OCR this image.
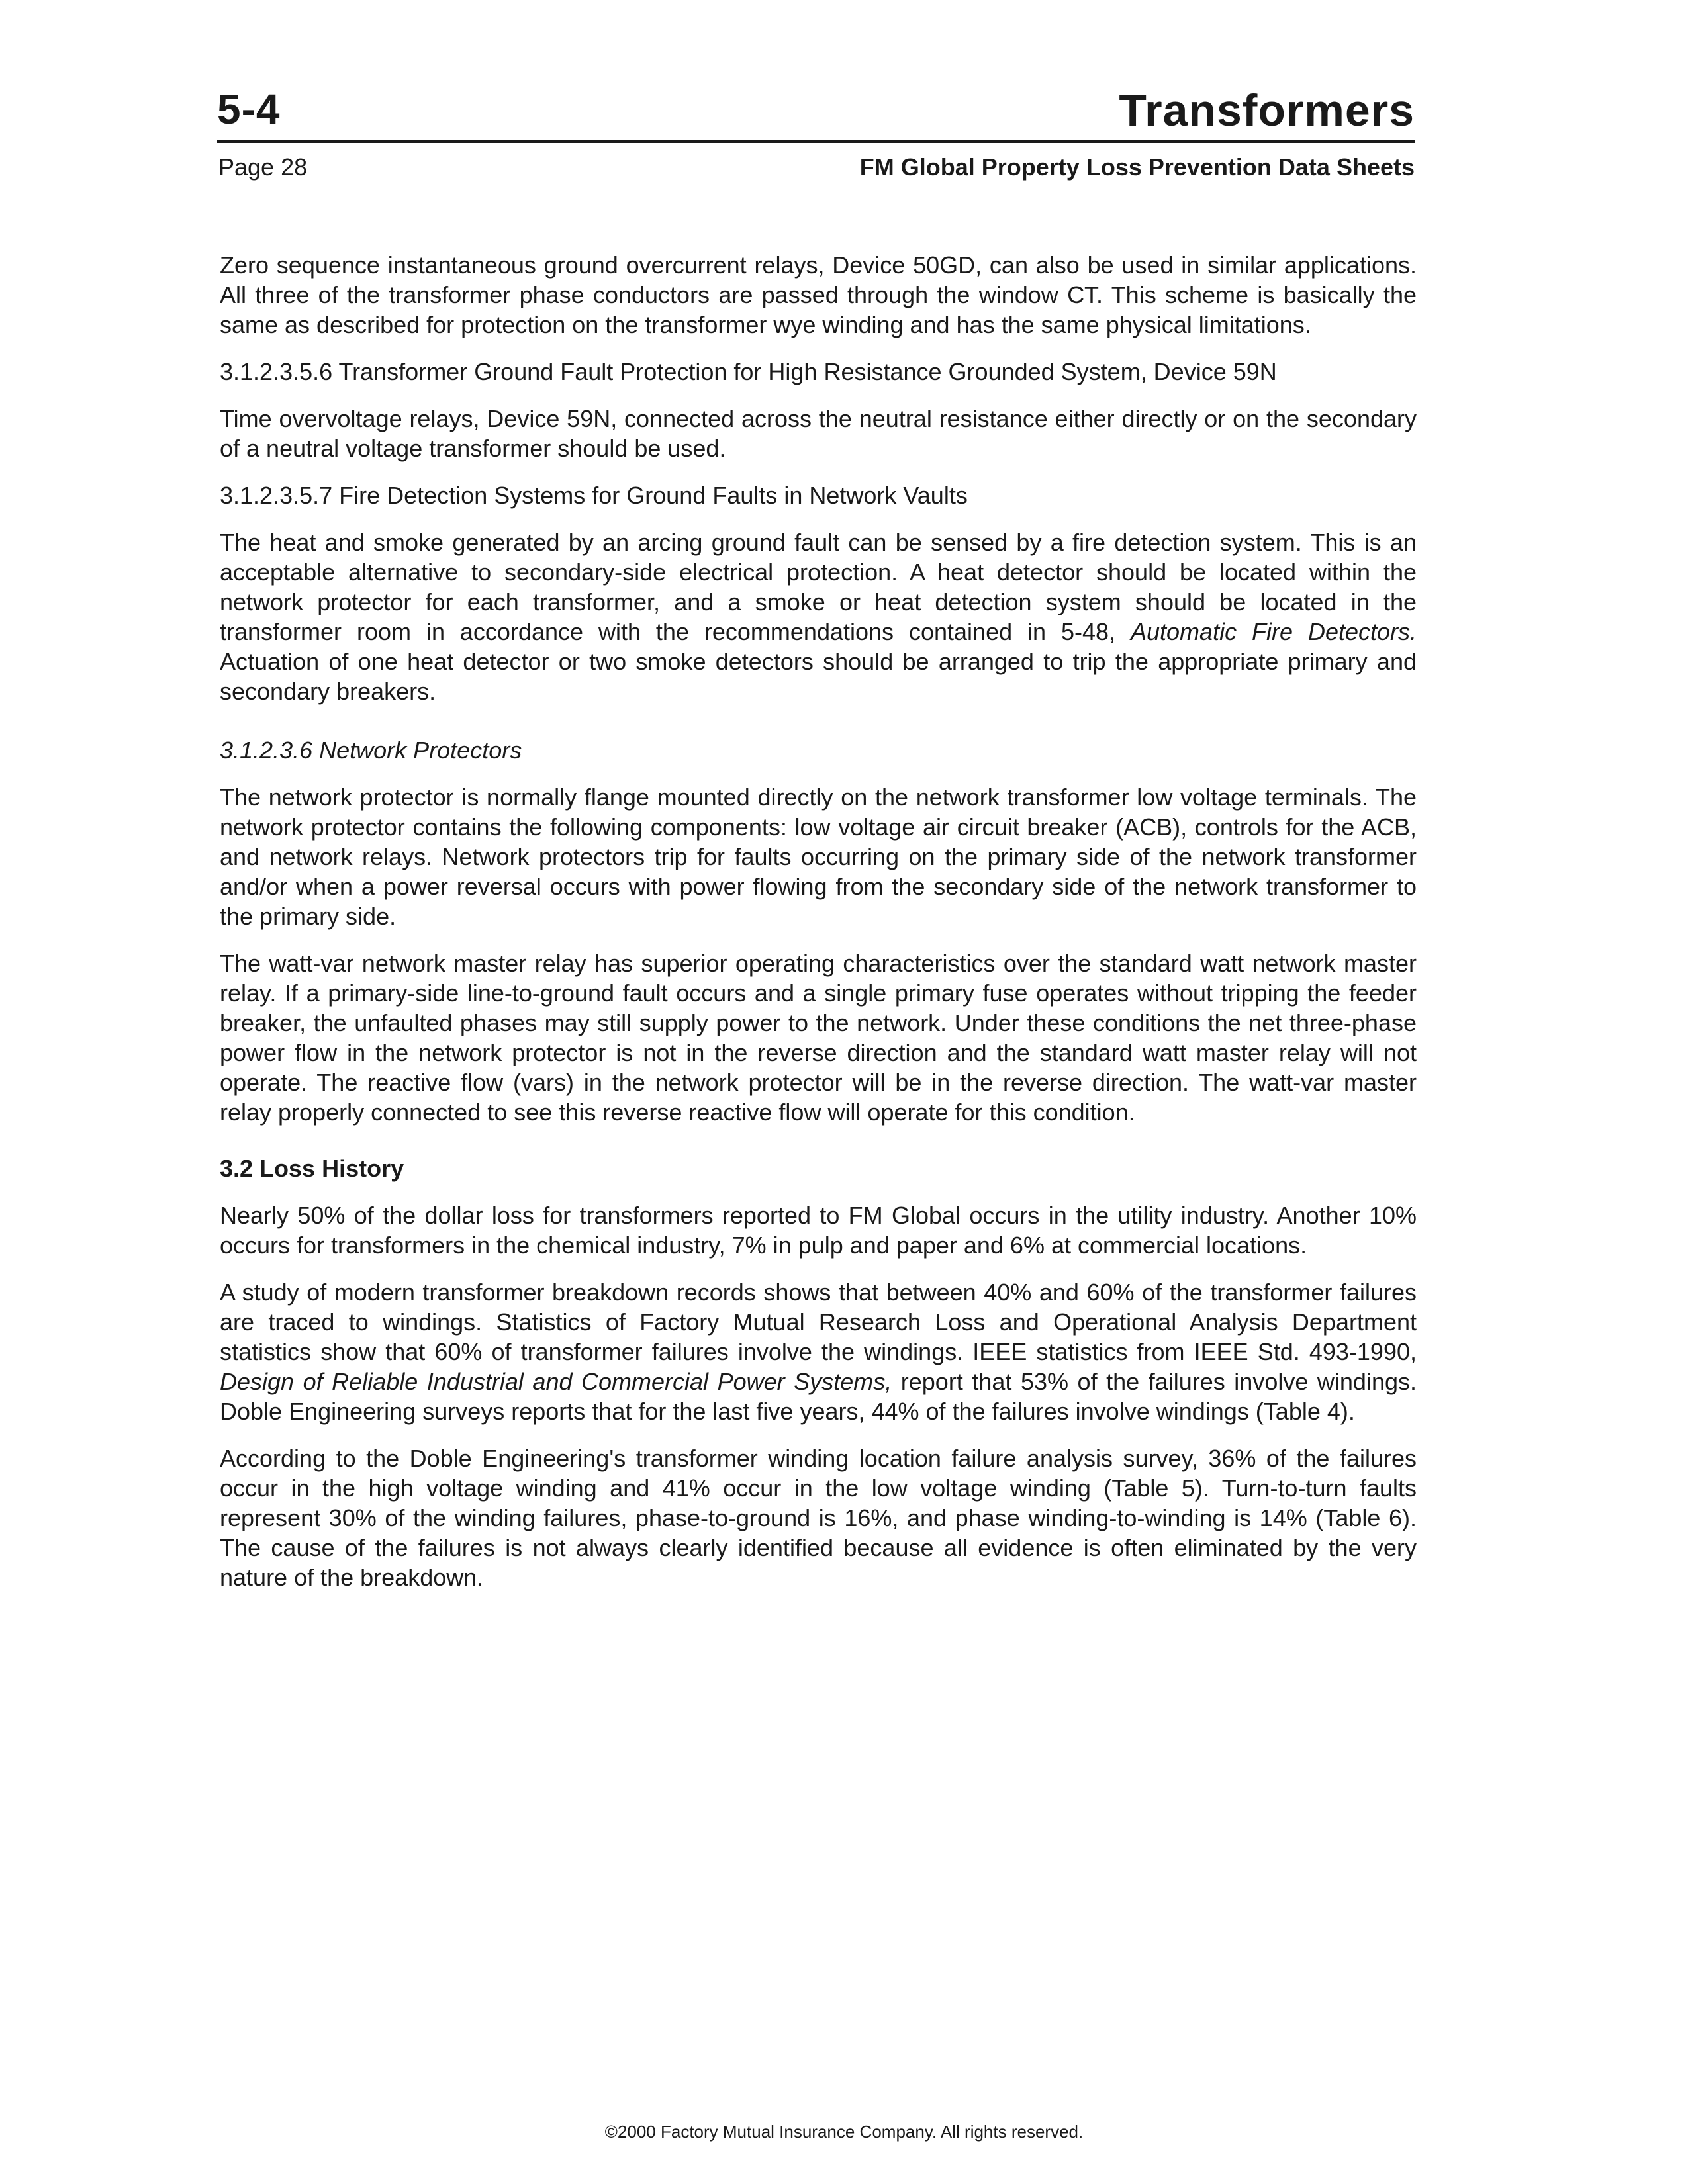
5-4	Transformers
Page 28	FM Global Property Loss Prevention Data Sheets

Zero sequence instantaneous ground overcurrent relays, Device 50GD, can also be used in similar applications. All three of the transformer phase conductors are passed through the window CT. This scheme is basically the same as described for protection on the transformer wye winding and has the same physical limitations.

3.1.2.3.5.6 Transformer Ground Fault Protection for High Resistance Grounded System, Device 59N

Time overvoltage relays, Device 59N, connected across the neutral resistance either directly or on the secondary of a neutral voltage transformer should be used.

3.1.2.3.5.7 Fire Detection Systems for Ground Faults in Network Vaults

The heat and smoke generated by an arcing ground fault can be sensed by a fire detection system. This is an acceptable alternative to secondary-side electrical protection. A heat detector should be located within the network protector for each transformer, and a smoke or heat detection system should be located in the transformer room in accordance with the recommendations contained in 5-48, Automatic Fire Detectors. Actuation of one heat detector or two smoke detectors should be arranged to trip the appropriate primary and secondary breakers.

3.1.2.3.6 Network Protectors

The network protector is normally flange mounted directly on the network transformer low voltage terminals. The network protector contains the following components: low voltage air circuit breaker (ACB), controls for the ACB, and network relays. Network protectors trip for faults occurring on the primary side of the network transformer and/or when a power reversal occurs with power flowing from the secondary side of the network transformer to the primary side.

The watt-var network master relay has superior operating characteristics over the standard watt network master relay. If a primary-side line-to-ground fault occurs and a single primary fuse operates without tripping the feeder breaker, the unfaulted phases may still supply power to the network. Under these conditions the net three-phase power flow in the network protector is not in the reverse direction and the standard watt master relay will not operate. The reactive flow (vars) in the network protector will be in the reverse direction. The watt-var master relay properly connected to see this reverse reactive flow will operate for this condition.

3.2 Loss History

Nearly 50% of the dollar loss for transformers reported to FM Global occurs in the utility industry. Another 10% occurs for transformers in the chemical industry, 7% in pulp and paper and 6% at commercial locations.

A study of modern transformer breakdown records shows that between 40% and 60% of the transformer failures are traced to windings. Statistics of Factory Mutual Research Loss and Operational Analysis Department statistics show that 60% of transformer failures involve the windings. IEEE statistics from IEEE Std. 493-1990, Design of Reliable Industrial and Commercial Power Systems, report that 53% of the failures involve windings. Doble Engineering surveys reports that for the last five years, 44% of the failures involve windings (Table 4).

According to the Doble Engineering's transformer winding location failure analysis survey, 36% of the failures occur in the high voltage winding and 41% occur in the low voltage winding (Table 5). Turn-to-turn faults represent 30% of the winding failures, phase-to-ground is 16%, and phase winding-to-winding is 14% (Table 6). The cause of the failures is not always clearly identified because all evidence is often eliminated by the very nature of the breakdown.

©2000 Factory Mutual Insurance Company. All rights reserved.
